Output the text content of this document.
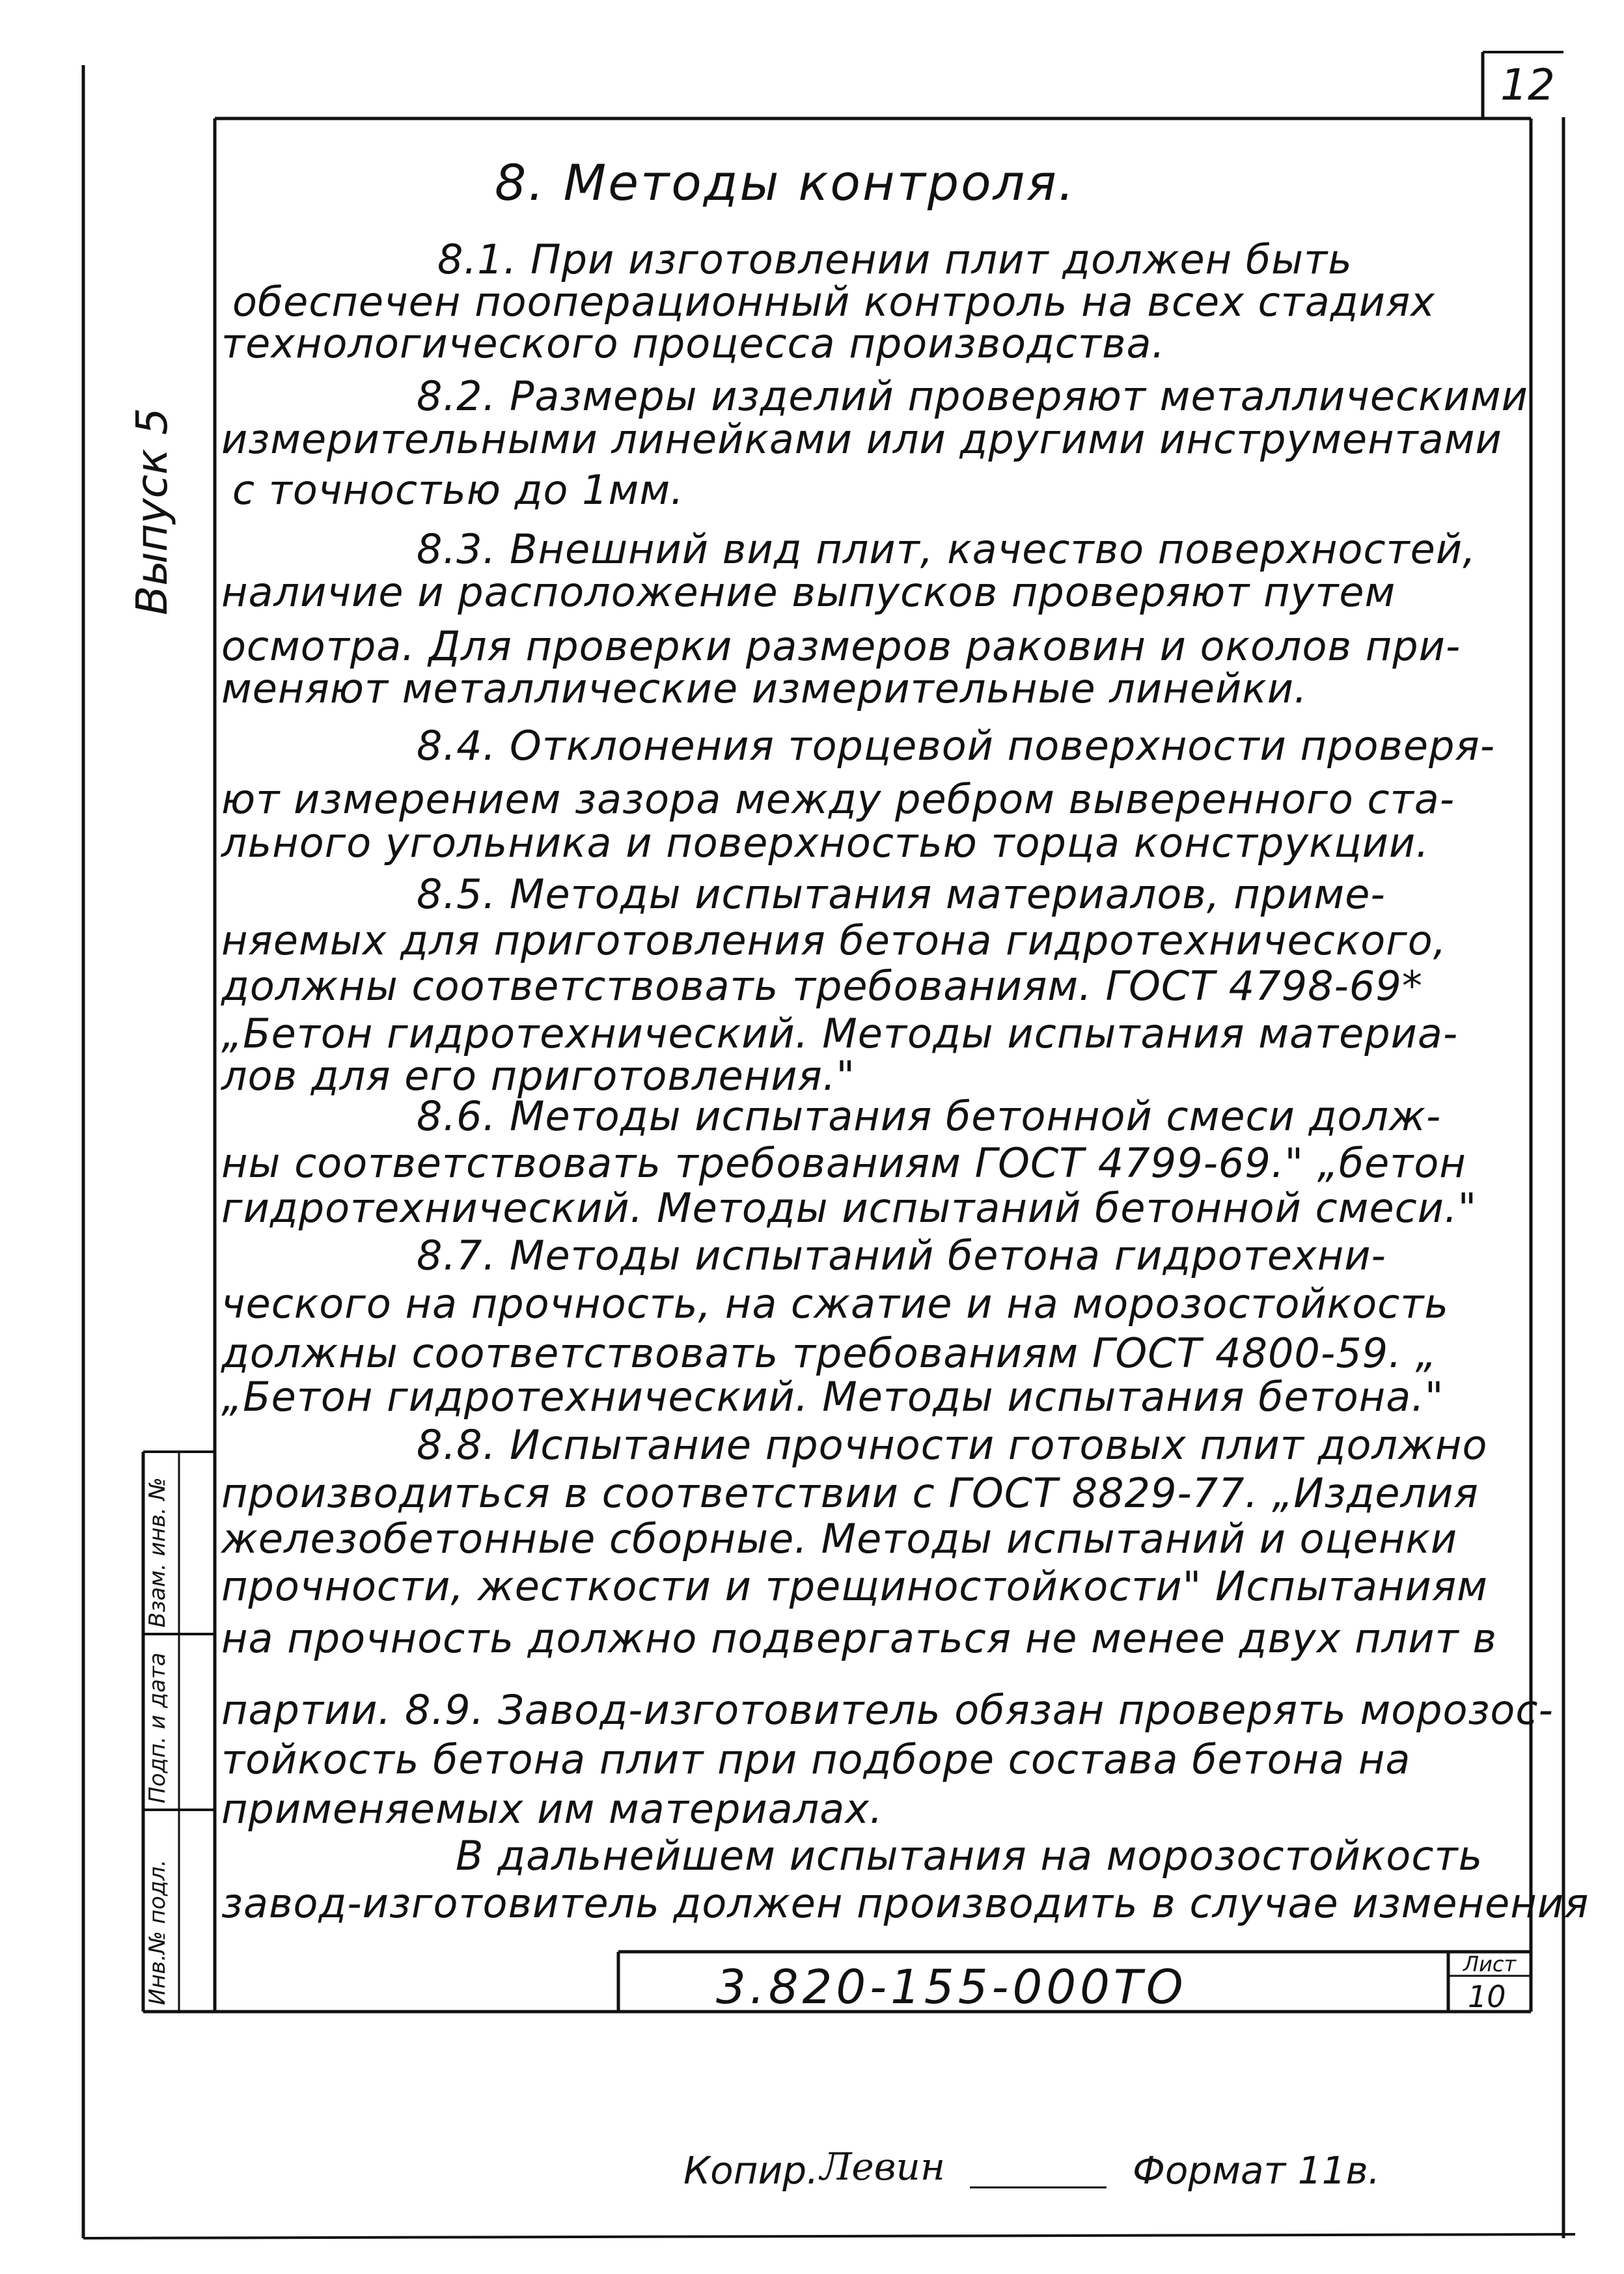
12
Выпуск 5
8. Методы контроля.
8.1. При изготовлении плит должен быть
обеспечен пооперационный контроль на всех стадиях
технологического процесса производства.
8.2. Размеры изделий проверяют металлическими
измерительными линейками или другими инструментами
с точностью до 1мм.
8.3. Внешний вид плит, качество поверхностей,
наличие и расположение выпусков проверяют путем
осмотра. Для проверки размеров раковин и околов при-
меняют металлические измерительные линейки.
8.4. Отклонения торцевой поверхности проверя-
ют измерением зазора между ребром выверенного ста-
льного угольника и поверхностью торца конструкции.
8.5. Методы испытания материалов, приме-
няемых для приготовления бетона гидротехнического,
должны соответствовать требованиям. ГОСТ 4798-69*
„Бетон гидротехнический. Методы испытания материа-
лов для его приготовления."
8.6. Методы испытания бетонной смеси долж-
ны соответствовать требованиям ГОСТ 4799-69." „бетон
гидротехнический. Методы испытаний бетонной смеси."
8.7. Методы испытаний бетона гидротехни-
ческого на прочность, на сжатие и на морозостойкость
должны соответствовать требованиям ГОСТ 4800-59. „
„Бетон гидротехнический. Методы испытания бетона."
8.8. Испытание прочности готовых плит должно
производиться в соответствии с ГОСТ 8829-77. „Изделия
железобетонные сборные. Методы испытаний и оценки
прочности, жесткости и трещиностойкости" Испытаниям
на прочность должно подвергаться не менее двух плит в
партии. 8.9. Завод-изготовитель обязан проверять морозос-
тойкость бетона плит при подборе состава бетона на
применяемых им материалах.
В дальнейшем испытания на морозостойкость
завод-изготовитель должен производить в случае изменения
Инв.№ подл.
Подп. и дата
Взам. инв. №
3.820-155-000ТО	Лист
10
Копир. Левин	Формат 11в.
